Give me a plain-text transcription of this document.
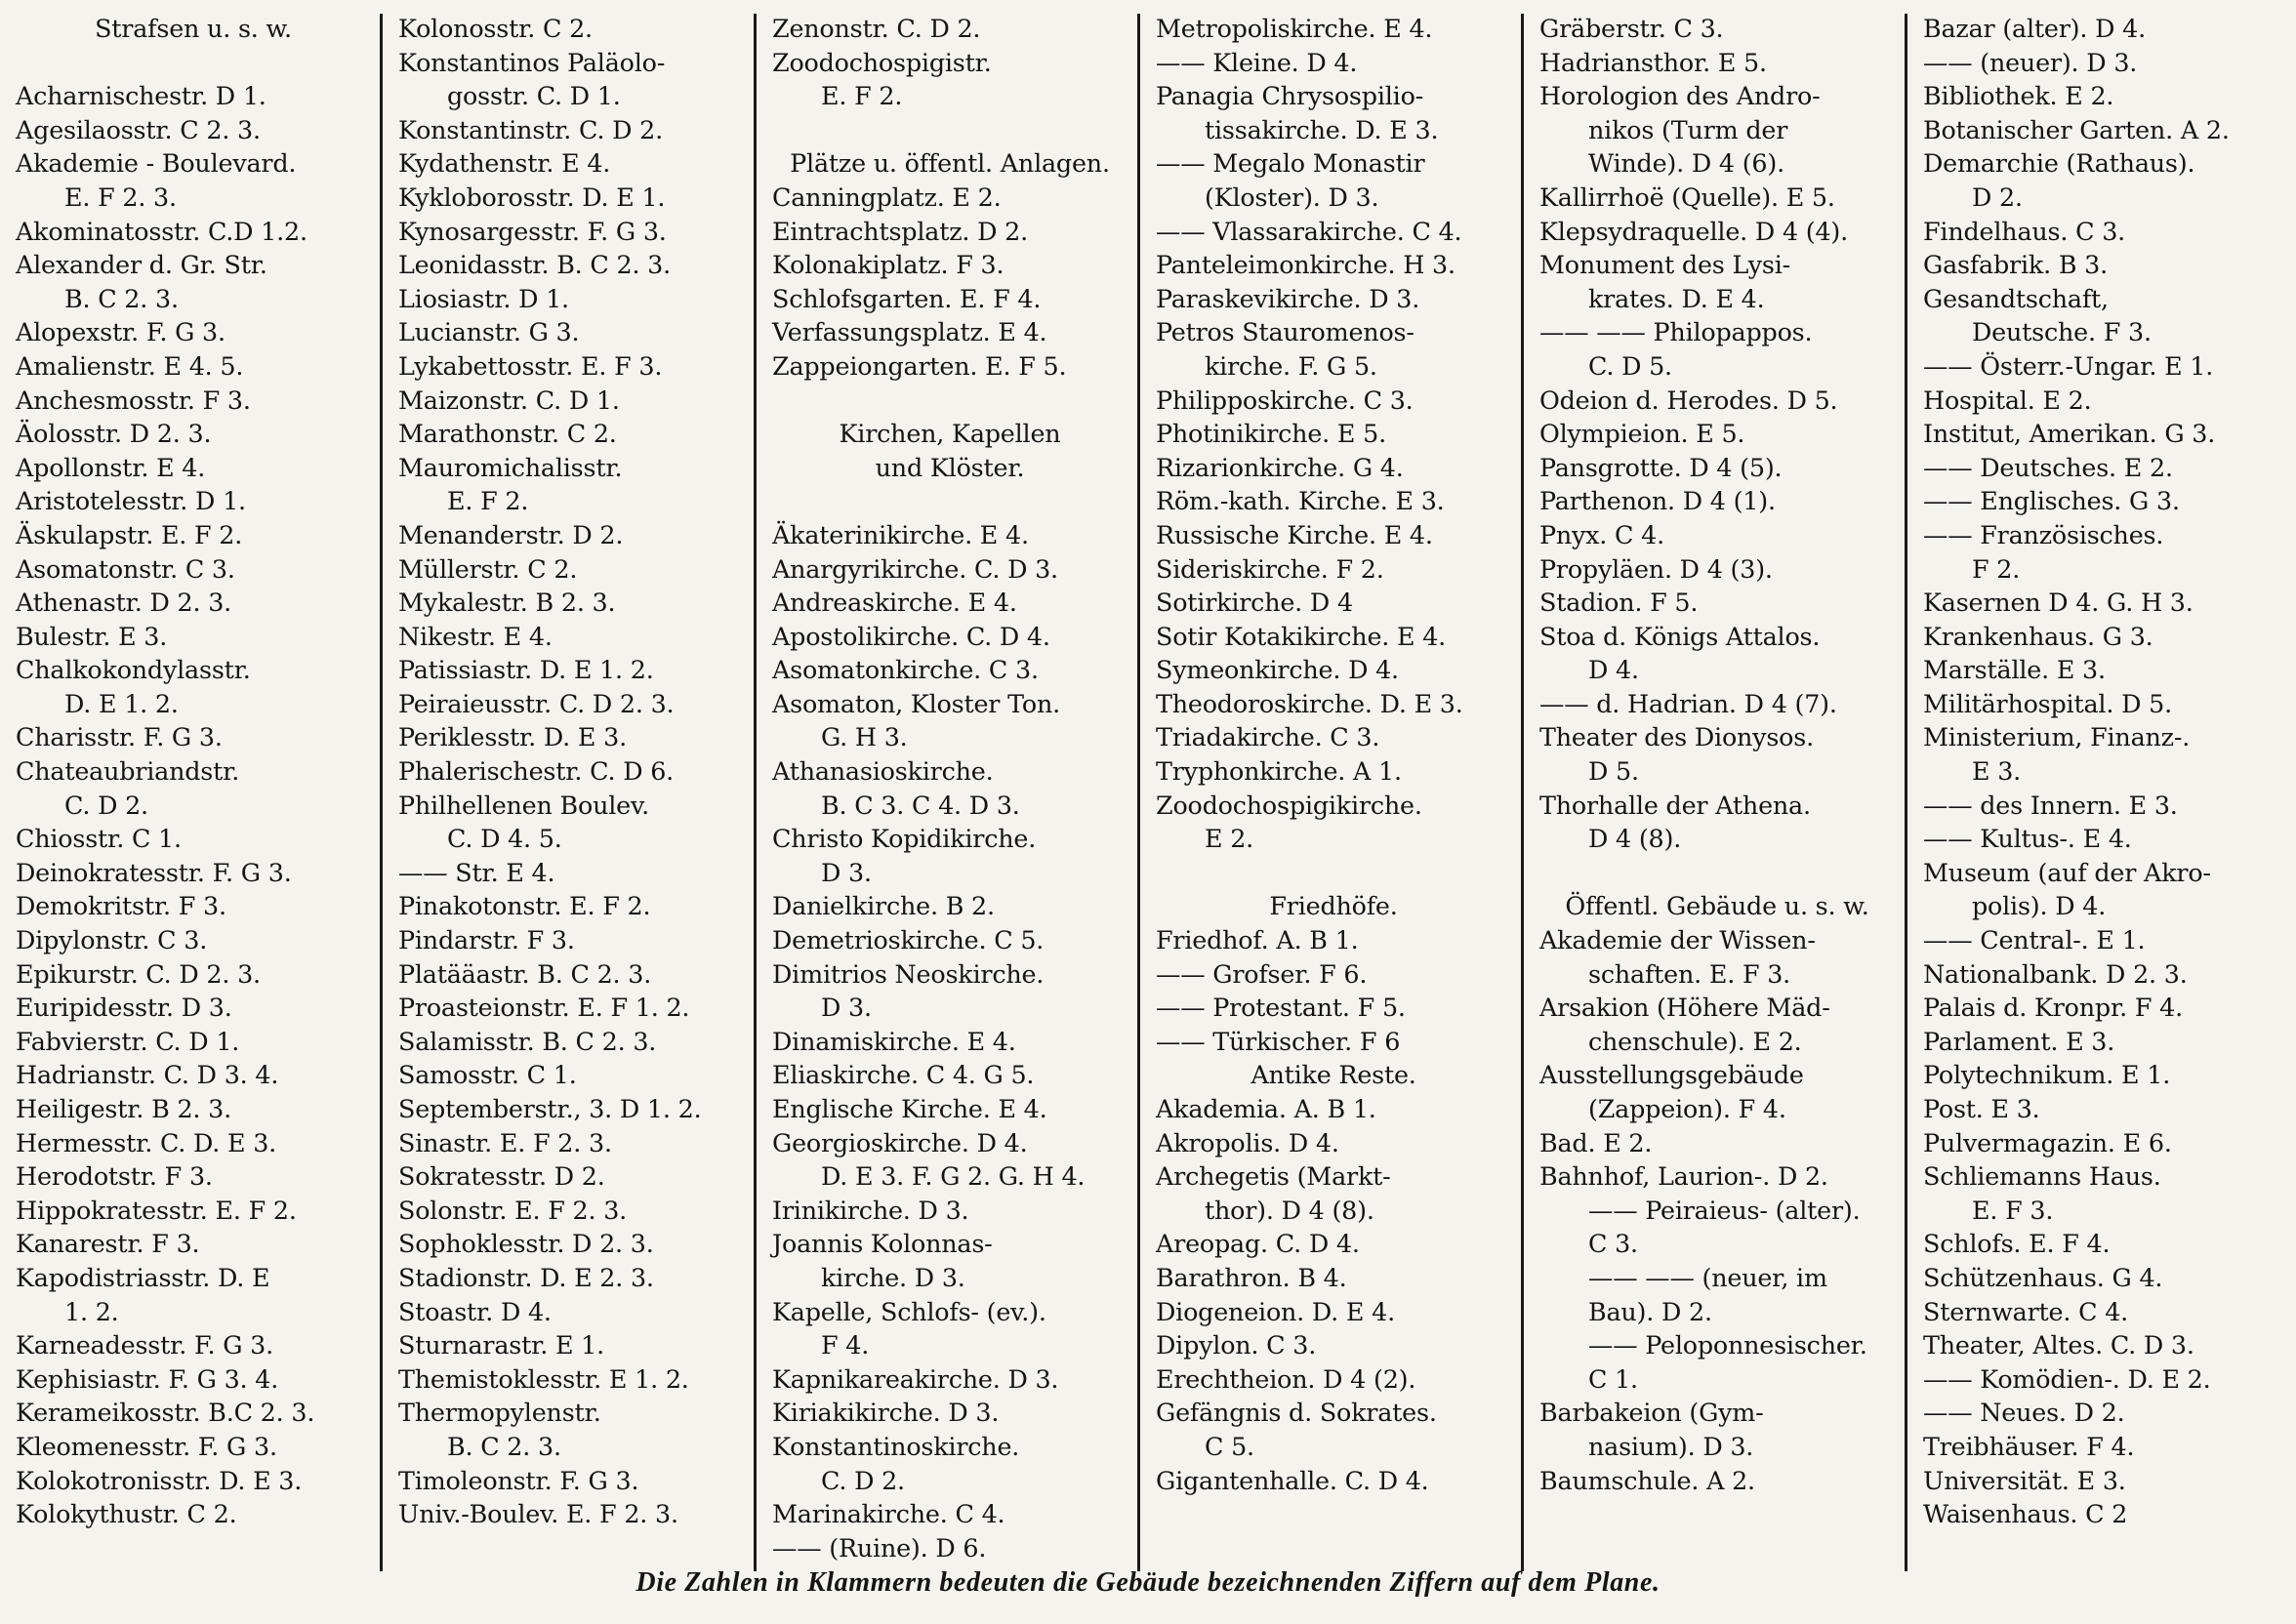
Strafsen u. s. w.
Acharnischestr. D 1.
Agesilaosstr. C 2. 3.
Akademie - Boulevard.
E. F 2. 3.
Akominatosstr. C.D 1.2.
Alexander d. Gr. Str.
B. C 2. 3.
Alopexstr. F. G 3.
Amalienstr. E 4. 5.
Anchesmosstr. F 3.
Äolosstr. D 2. 3.
Apollonstr. E 4.
Aristotelesstr. D 1.
Äskulapstr. E. F 2.
Asomatonstr. C 3.
Athenastr. D 2. 3.
Bulestr. E 3.
Chalkokondylasstr.
D. E 1. 2.
Charisstr. F. G 3.
Chateaubriandstr.
C. D 2.
Chiosstr. C 1.
Deinokratesstr. F. G 3.
Demokritstr. F 3.
Dipylonstr. C 3.
Epikurstr. C. D 2. 3.
Euripidesstr. D 3.
Fabvierstr. C. D 1.
Hadrianstr. C. D 3. 4.
Heiligestr. B 2. 3.
Hermesstr. C. D. E 3.
Herodotstr. F 3.
Hippokratesstr. E. F 2.
Kanarestr. F 3.
Kapodistriasstr. D. E
1. 2.
Karneadesstr. F. G 3.
Kephisiastr. F. G 3. 4.
Kerameikosstr. B.C 2. 3.
Kleomenesstr. F. G 3.
Kolokotronisstr. D. E 3.
Kolokythustr. C 2.
Kolonosstr. C 2.
Konstantinos Paläolo-
gosstr. C. D 1.
Konstantinstr. C. D 2.
Kydathenstr. E 4.
Kykloborosstr. D. E 1.
Kynosargesstr. F. G 3.
Leonidasstr. B. C 2. 3.
Liosiastr. D 1.
Lucianstr. G 3.
Lykabettosstr. E. F 3.
Maizonstr. C. D 1.
Marathonstr. C 2.
Mauromichalisstr.
E. F 2.
Menanderstr. D 2.
Müllerstr. C 2.
Mykalestr. B 2. 3.
Nikestr. E 4.
Patissiastr. D. E 1. 2.
Peiraieusstr. C. D 2. 3.
Periklesstr. D. E 3.
Phalerischestr. C. D 6.
Philhellenen Boulev.
C. D 4. 5.
—— Str. E 4.
Pinakotonstr. E. F 2.
Pindarstr. F 3.
Platääastr. B. C 2. 3.
Proasteionstr. E. F 1. 2.
Salamisstr. B. C 2. 3.
Samosstr. C 1.
Septemberstr., 3. D 1. 2.
Sinastr. E. F 2. 3.
Sokratesstr. D 2.
Solonstr. E. F 2. 3.
Sophoklesstr. D 2. 3.
Stadionstr. D. E 2. 3.
Stoastr. D 4.
Sturnarastr. E 1.
Themistoklesstr. E 1. 2.
Thermopylenstr.
B. C 2. 3.
Timoleonstr. F. G 3.
Univ.-Boulev. E. F 2. 3.
Zenonstr. C. D 2.
Zoodochospigistr.
E. F 2.
Plätze u. öffentl. Anlagen.
Canningplatz. E 2.
Eintrachtsplatz. D 2.
Kolonakiplatz. F 3.
Schlofsgarten. E. F 4.
Verfassungsplatz. E 4.
Zappeiongarten. E. F 5.
Kirchen, Kapellen
und Klöster.
Äkaterinikirche. E 4.
Anargyrikirche. C. D 3.
Andreaskirche. E 4.
Apostolikirche. C. D 4.
Asomatonkirche. C 3.
Asomaton, Kloster Ton.
G. H 3.
Athanasioskirche.
B. C 3. C 4. D 3.
Christo Kopidikirche.
D 3.
Danielkirche. B 2.
Demetrioskirche. C 5.
Dimitrios Neoskirche.
D 3.
Dinamiskirche. E 4.
Eliaskirche. C 4. G 5.
Englische Kirche. E 4.
Georgioskirche. D 4.
D. E 3. F. G 2. G. H 4.
Irinikirche. D 3.
Joannis Kolonnas-
kirche. D 3.
Kapelle, Schlofs- (ev.).
F 4.
Kapnikareakirche. D 3.
Kiriakikirche. D 3.
Konstantinoskirche.
C. D 2.
Marinakirche. C 4.
—— (Ruine). D 6.
Metropoliskirche. E 4.
—— Kleine. D 4.
Panagia Chrysospilio-
tissakirche. D. E 3.
—— Megalo Monastir
(Kloster). D 3.
—— Vlassarakirche. C 4.
Panteleimonkirche. H 3.
Paraskevikirche. D 3.
Petros Stauromenos-
kirche. F. G 5.
Philipposkirche. C 3.
Photinikirche. E 5.
Rizarionkirche. G 4.
Röm.-kath. Kirche. E 3.
Russische Kirche. E 4.
Sideriskirche. F 2.
Sotirkirche. D 4
Sotir Kotakikirche. E 4.
Symeonkirche. D 4.
Theodoroskirche. D. E 3.
Triadakirche. C 3.
Tryphonkirche. A 1.
Zoodochospigikirche.
E 2.
Friedhöfe.
Friedhof. A. B 1.
—— Grofser. F 6.
—— Protestant. F 5.
—— Türkischer. F 6
Antike Reste.
Akademia. A. B 1.
Akropolis. D 4.
Archegetis (Markt-
thor). D 4 (8).
Areopag. C. D 4.
Barathron. B 4.
Diogeneion. D. E 4.
Dipylon. C 3.
Erechtheion. D 4 (2).
Gefängnis d. Sokrates.
C 5.
Gigantenhalle. C. D 4.
Gräberstr. C 3.
Hadriansthor. E 5.
Horologion des Andro-
nikos (Turm der
Winde). D 4 (6).
Kallirrhoë (Quelle). E 5.
Klepsydraquelle. D 4 (4).
Monument des Lysi-
krates. D. E 4.
—— —— Philopappos.
C. D 5.
Odeion d. Herodes. D 5.
Olympieion. E 5.
Pansgrotte. D 4 (5).
Parthenon. D 4 (1).
Pnyx. C 4.
Propyläen. D 4 (3).
Stadion. F 5.
Stoa d. Königs Attalos.
D 4.
—— d. Hadrian. D 4 (7).
Theater des Dionysos.
D 5.
Thorhalle der Athena.
D 4 (8).
Öffentl. Gebäude u. s. w.
Akademie der Wissen-
schaften. E. F 3.
Arsakion (Höhere Mäd-
chenschule). E 2.
Ausstellungsgebäude
(Zappeion). F 4.
Bad. E 2.
Bahnhof, Laurion-. D 2.
—— Peiraieus- (alter).
C 3.
—— —— (neuer, im
Bau). D 2.
—— Peloponnesischer.
C 1.
Barbakeion (Gym-
nasium). D 3.
Baumschule. A 2.
Bazar (alter). D 4.
—— (neuer). D 3.
Bibliothek. E 2.
Botanischer Garten. A 2.
Demarchie (Rathaus).
D 2.
Findelhaus. C 3.
Gasfabrik. B 3.
Gesandtschaft,
Deutsche. F 3.
—— Österr.-Ungar. E 1.
Hospital. E 2.
Institut, Amerikan. G 3.
—— Deutsches. E 2.
—— Englisches. G 3.
—— Französisches.
F 2.
Kasernen D 4. G. H 3.
Krankenhaus. G 3.
Marställe. E 3.
Militärhospital. D 5.
Ministerium, Finanz-.
E 3.
—— des Innern. E 3.
—— Kultus-. E 4.
Museum (auf der Akro-
polis). D 4.
—— Central-. E 1.
Nationalbank. D 2. 3.
Palais d. Kronpr. F 4.
Parlament. E 3.
Polytechnikum. E 1.
Post. E 3.
Pulvermagazin. E 6.
Schliemanns Haus.
E. F 3.
Schlofs. E. F 4.
Schützenhaus. G 4.
Sternwarte. C 4.
Theater, Altes. C. D 3.
—— Komödien-. D. E 2.
—— Neues. D 2.
Treibhäuser. F 4.
Universität. E 3.
Waisenhaus. C 2
Die Zahlen in Klammern bedeuten die Gebäude bezeichnenden Ziffern auf dem Plane.
